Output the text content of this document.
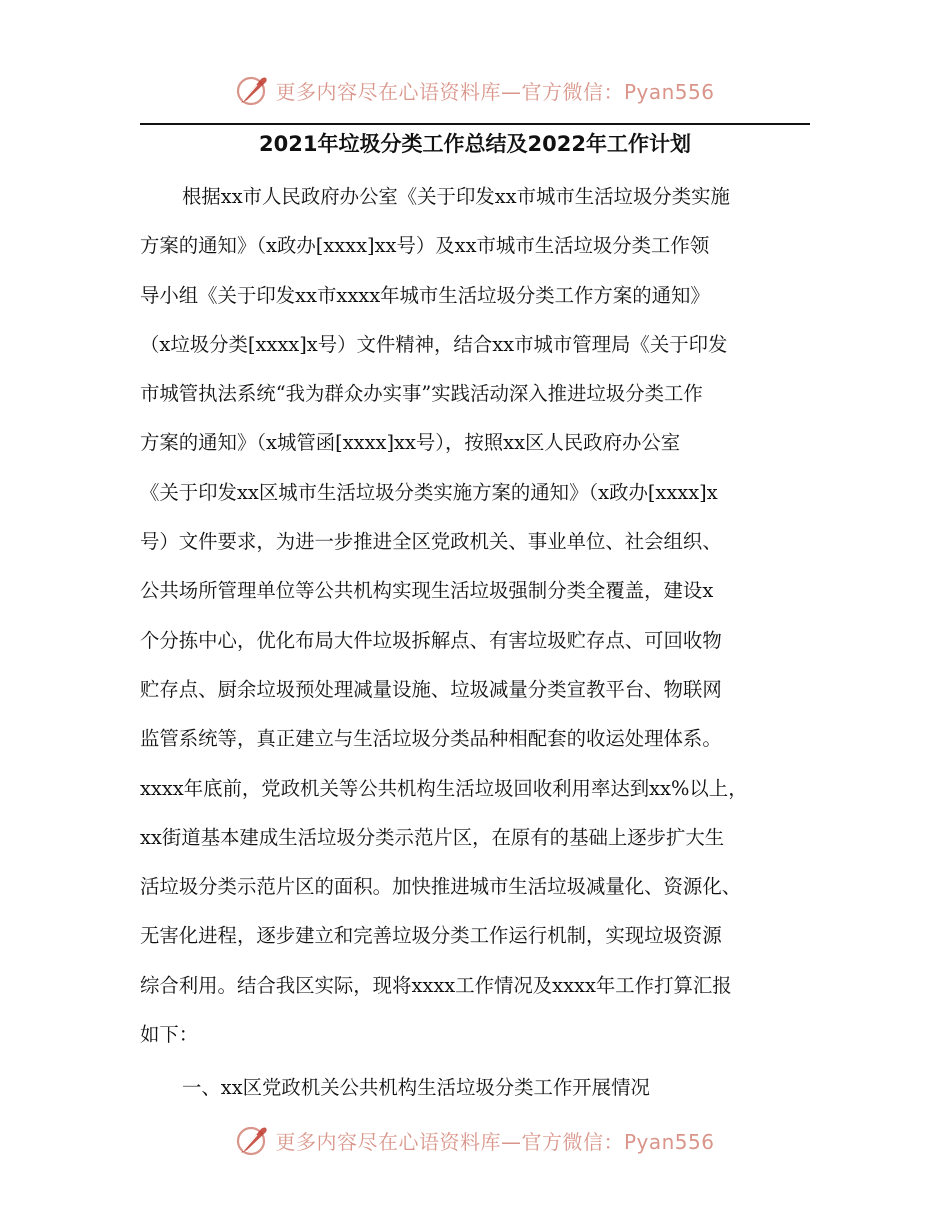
更多内容尽在心语资料库—官方微信：Pyan556
2021年垃圾分类工作总结及2022年工作计划
根据xx市人民政府办公室《关于印发xx市城市生活垃圾分类实施
方案的通知》（x政办[xxxx]xx号）及xx市城市生活垃圾分类工作领
导小组《关于印发xx市xxxx年城市生活垃圾分类工作方案的通知》
（x垃圾分类[xxxx]x号）文件精神，结合xx市城市管理局《关于印发
市城管执法系统“我为群众办实事”实践活动深入推进垃圾分类工作
方案的通知》（x城管函[xxxx]xx号），按照xx区人民政府办公室
《关于印发xx区城市生活垃圾分类实施方案的通知》（x政办[xxxx]x
号）文件要求，为进一步推进全区党政机关、事业单位、社会组织、
公共场所管理单位等公共机构实现生活垃圾强制分类全覆盖，建设x
个分拣中心，优化布局大件垃圾拆解点、有害垃圾贮存点、可回收物
贮存点、厨余垃圾预处理减量设施、垃圾减量分类宣教平台、物联网
监管系统等，真正建立与生活垃圾分类品种相配套的收运处理体系。
xxxx年底前，党政机关等公共机构生活垃圾回收利用率达到xx%以上，
xx街道基本建成生活垃圾分类示范片区，在原有的基础上逐步扩大生
活垃圾分类示范片区的面积。加快推进城市生活垃圾减量化、资源化、
无害化进程，逐步建立和完善垃圾分类工作运行机制，实现垃圾资源
综合利用。结合我区实际，现将xxxx工作情况及xxxx年工作打算汇报
如下：
一、xx区党政机关公共机构生活垃圾分类工作开展情况
更多内容尽在心语资料库—官方微信：Pyan556
